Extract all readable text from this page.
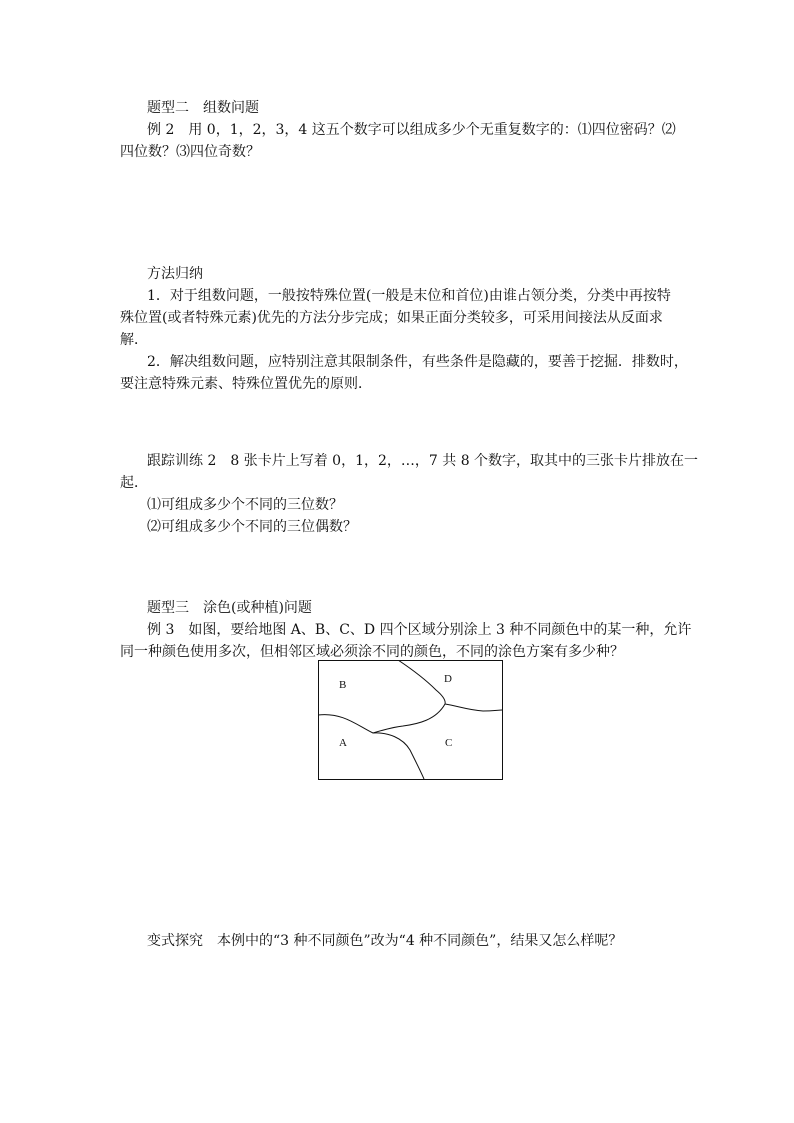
题型二　组数问题
例 2　用 0，1，2，3，4 这五个数字可以组成多少个无重复数字的：⑴四位密码？⑵
四位数？⑶四位奇数？
方法归纳
1．对于组数问题，一般按特殊位置(一般是末位和首位)由谁占领分类，分类中再按特
殊位置(或者特殊元素)优先的方法分步完成；如果正面分类较多，可采用间接法从反面求
解．
2．解决组数问题，应特别注意其限制条件，有些条件是隐藏的，要善于挖掘．排数时，
要注意特殊元素、特殊位置优先的原则．
跟踪训练 2　8 张卡片上写着 0，1，2，…，7 共 8 个数字，取其中的三张卡片排放在一
起．
⑴可组成多少个不同的三位数？
⑵可组成多少个不同的三位偶数？
题型三　涂色(或种植)问题
例 3　如图，要给地图 A、B、C、D 四个区域分别涂上 3 种不同颜色中的某一种，允许
同一种颜色使用多次，但相邻区域必须涂不同的颜色，不同的涂色方案有多少种？
B	D
A	C
变式探究　本例中的“3 种不同颜色”改为“4 种不同颜色”，结果又怎么样呢？
